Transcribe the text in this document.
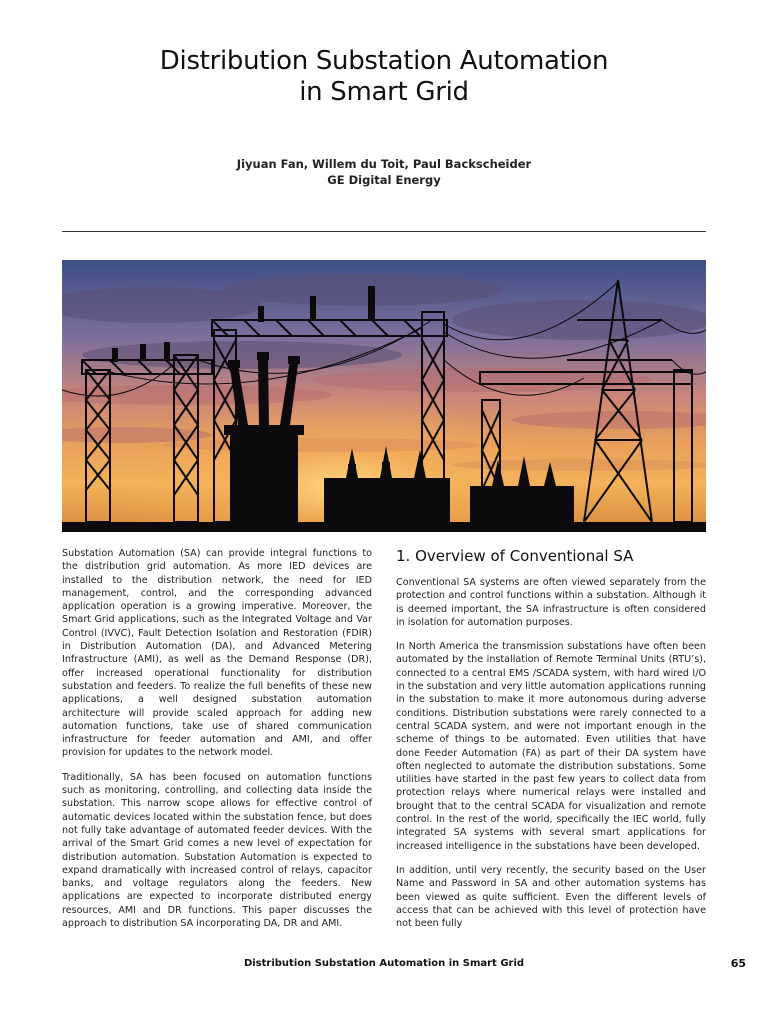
Distribution Substation Automation
in Smart Grid
Jiyuan Fan, Willem du Toit, Paul Backscheider
GE Digital Energy

Substation Automation (SA) can provide integral functions to the distribution grid automation. As more IED devices are installed to the distribution network, the need for IED management, control, and the corresponding advanced application operation is a growing imperative. Moreover, the Smart Grid applications, such as the Integrated Voltage and Var Control (IVVC), Fault Detection Isolation and Restoration (FDIR) in Distribution Automation (DA), and Advanced Metering Infrastructure (AMI), as well as the Demand Response (DR), offer increased operational functionality for distribution substation and feeders. To realize the full benefits of these new applications, a well designed substation automation architecture will provide scaled approach for adding new automation functions, take use of shared communication infrastructure for feeder automation and AMI, and offer provision for updates to the network model.

Traditionally, SA has been focused on automation functions such as monitoring, controlling, and collecting data inside the substation. This narrow scope allows for effective control of automatic devices located within the substation fence, but does not fully take advantage of automated feeder devices. With the arrival of the Smart Grid comes a new level of expectation for distribution automation. Substation Automation is expected to expand dramatically with increased control of relays, capacitor banks, and voltage regulators along the feeders. New applications are expected to incorporate distributed energy resources, AMI and DR functions. This paper discusses the approach to distribution SA incorporating DA, DR and AMI.

1. Overview of Conventional SA

Conventional SA systems are often viewed separately from the protection and control functions within a substation. Although it is deemed important, the SA infrastructure is often considered in isolation for automation purposes.

In North America the transmission substations have often been automated by the installation of Remote Terminal Units (RTU’s), connected to a central EMS /SCADA system, with hard wired I/O in the substation and very little automation applications running in the substation to make it more autonomous during adverse conditions. Distribution substations were rarely connected to a central SCADA system, and were not important enough in the scheme of things to be automated. Even utilities that have done Feeder Automation (FA) as part of their DA system have often neglected to automate the distribution substations. Some utilities have started in the past few years to collect data from protection relays where numerical relays were installed and brought that to the central SCADA for visualization and remote control. In the rest of the world, specifically the IEC world, fully integrated SA systems with several smart applications for increased intelligence in the substations have been developed.

In addition, until very recently, the security based on the User Name and Password in SA and other automation systems has been viewed as quite sufficient. Even the different levels of access that can be achieved with this level of protection have not been fully

Distribution Substation Automation in Smart Grid	65
